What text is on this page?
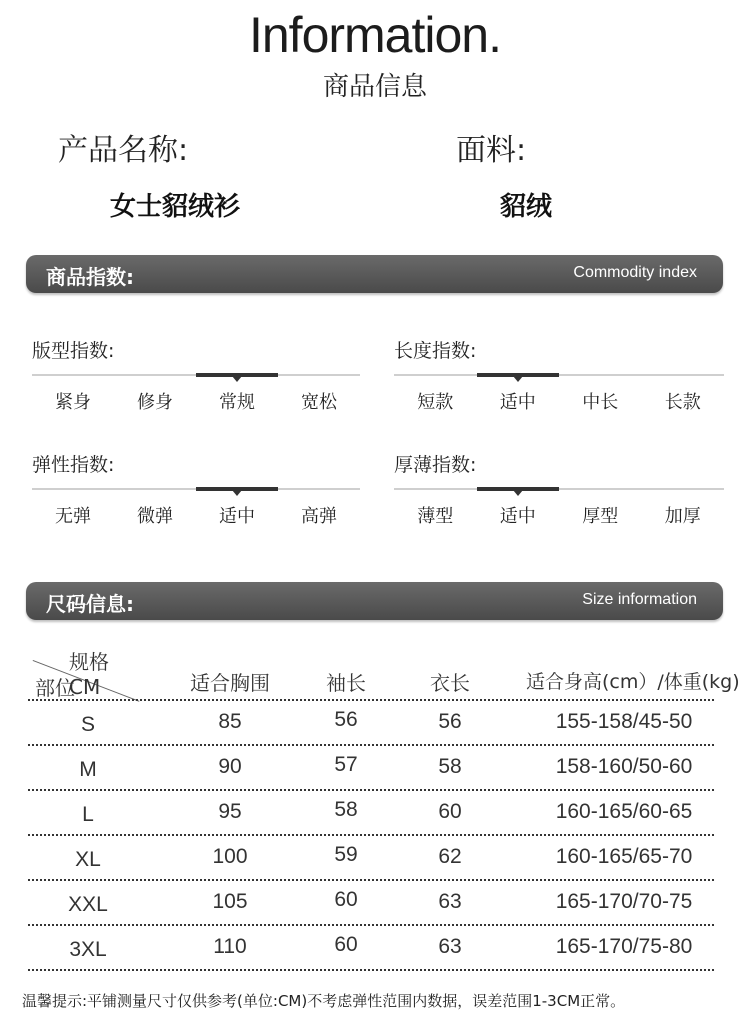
Information.
商品信息
产品名称:
女士貂绒衫
面料:
貂绒
商品指数:	Commodity index
版型指数:
紧身	修身	常规	宽松
长度指数:
短款	适中	中长	长款
弹性指数:
无弹	微弹	适中	高弹
厚薄指数:
薄型	适中	厚型	加厚
尺码信息:	Size information
规格 CM
部位	适合胸围	袖长	衣长	适合身高(cm）/体重(kg)
S	85	56	56	155-158/45-50
M	90	57	58	158-160/50-60
L	95	58	60	160-165/60-65
XL	100	59	62	160-165/65-70
XXL	105	60	63	165-170/70-75
3XL	110	60	63	165-170/75-80
温馨提示:平铺测量尺寸仅供参考(单位:CM)不考虑弹性范围内数据，误差范围1-3CM正常。
